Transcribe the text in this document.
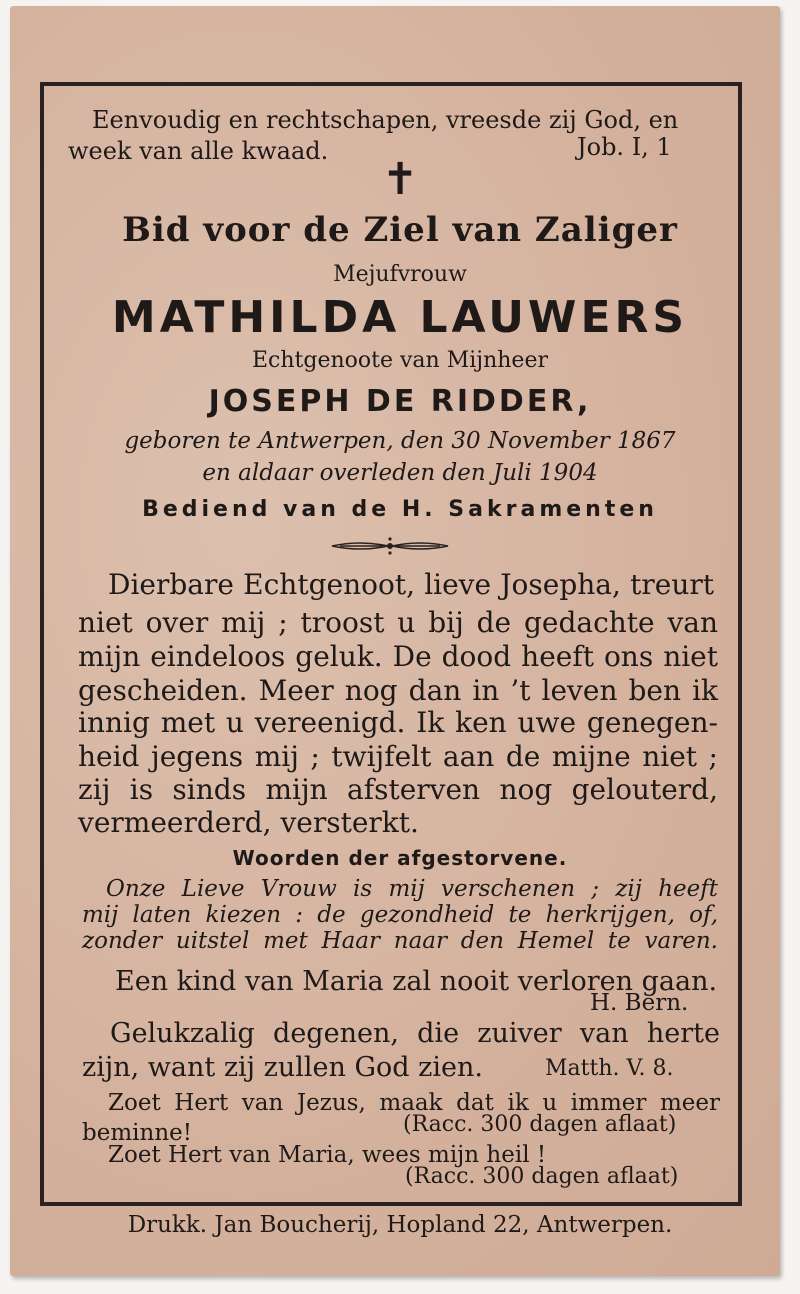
Eenvoudig en rechtschapen, vreesde zij God, en

week van alle kwaad.	Job. I, 1

✝

Bid voor de Ziel van Zaliger

Mejufvrouw

MATHILDA LAUWERS

Echtgenoote van Mijnheer

JOSEPH DE RIDDER,

geboren te Antwerpen, den 30 November 1867

en aldaar overleden den Juli 1904

Bediend van de H. Sakramenten

Dierbare Echtgenoot, lieve Josepha, treurt

niet over mij ; troost u bij de gedachte van

mijn eindeloos geluk. De dood heeft ons niet

gescheiden. Meer nog dan in ’t leven ben ik

innig met u vereenigd. Ik ken uwe genegen-

heid jegens mij ; twijfelt aan de mijne niet ;

zij is sinds mijn afsterven nog gelouterd,

vermeerderd, versterkt.

Woorden der afgestorvene.

Onze Lieve Vrouw is mij verschenen ; zij heeft

mij laten kiezen : de gezondheid te herkrijgen, of,

zonder uitstel met Haar naar den Hemel te varen.

Een kind van Maria zal nooit verloren gaan.

H. Bern.

Gelukzalig degenen, die zuiver van herte

zijn, want zij zullen God zien.	Matth. V. 8.

Zoet Hert van Jezus, maak dat ik u immer meer

beminne!	(Racc. 300 dagen aflaat)

Zoet Hert van Maria, wees mijn heil !

(Racc. 300 dagen aflaat)

Drukk. Jan Boucherij, Hopland 22, Antwerpen.
